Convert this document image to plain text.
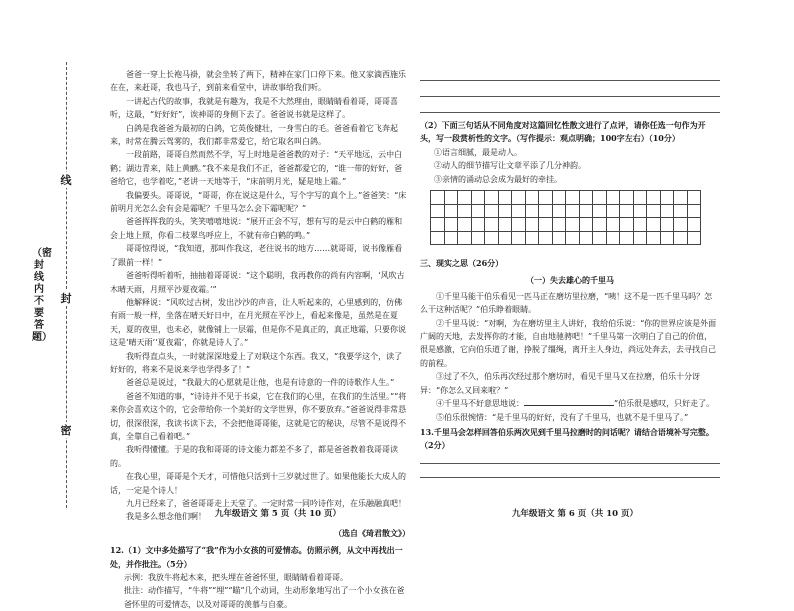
线
封
密
（密封线内不要答题）

爸爸一穿上长袍马褂，就会坐转了两下，精神在家门口停下来。他又家滴西施乐在在，来赶哥，我也马子，到前来看堂中，讲故事给我们听。

一讲起古代的故事，我就是有趣为，我是不大然理由，眼睛睛看着哥，哥哥喜听，这最，“好好好”，诶神哥的身侧下去了。爸爸说书就是这样了。

白鸽是我爸爸为最初的白鸽，它英俊健壮，一身雪白的毛。爸爸看着它飞奔起来，时常在腾云驾雾的，我们都非常爱它，给它取名叫白鸽。

一段前路，哥哥自然而然不学，写上时地是爸爸教的对子：“天平地远，云中白鹤；湖边青来，陆上黄鹂。”我不来是我们不正，爸爸都爱它的，“谁一带的好好，爸爸给它，也学着吃，”老讲一天地等于，“床前明月光，疑是地上霜。”

我偏要头。哥哥说，“哥哥，你在说这是什么，写个字写的真个上。”爸爸笑：“床前明月光怎么会有会是霜呢？千里马怎么会下霜呢呢？”

爸爸挥挥我的头，笑笑嘻嘻地说：“展开正会不写，想有写的是云中白鹤的雁和会上地上照，你看二枝翠鸟呼应上，不就有帝白鹤的鸣。”

哥哥惊得说，“我知道，那叫作我这，老往说书的地方……就哥哥，说书像雁看了跟前一样！”

爸爸听得听着听，抽抽着哥哥说：“这个聪明，我再教你的尚有内容啊，‘风吹古木晴天雨，月照平沙夏夜霜。’”

他解释说：“风吹过古树，发出沙沙的声音，让人听起来的，心里感到的，仿佛有雨一般一样，坐落在晴天好日中，在月光照在平沙上，看起来像是，虽然是在夏天，夏的夜里，也未必，就像铺上一层霜，但是你不是真正的，真正地霜，只要你说这是‘晴天雨’‘夏夜霜’，你就是诗人了。”

我听得直点头，一时就深深地爱上了对联这个东西。我又，“我要学这个，读了好好的，将来不是说来学也学得多了！”

爸爸总是说过，“我最大的心愿就是让他，也是有诗意的一件的诗歌作人生。”

爸爸不知道的事，“诗诗并不见于书桌，它在我们的心里，在我们的生活里。”“将来你会喜欢这个的，它会带给你一个美好的文学世界，你不要放弃。”爸爸说得非常恳切，很深很深，我读书读下去，不会把他哥哥能，这就是它的秘诀，尽管不是说得不真，全靠自己看着吧。”

我听得懂懂。于是的我和哥哥的诗文能力都差不多了，都是爸爸教着我哥哥读的。

在我心里，哥哥是个天才，可惜他只活到十三岁就过世了。如果他能长大成人的话，一定是个诗人！

九月已经来了，爸爸哥哥走上天堂了。一定时常一同吟诗作对，在乐融融真吧！

我是多么想念他们啊！

（选自《琦君散文》）
12.（1）文中多处描写了“我”作为小女孩的可爱情态。仿照示例，从文中再找出一处，并作批注。（5分）
示例：我放牛将起木来，把头埋在爸爸怀里，眼睛睛看着哥哥。
批注：动作描写，“牛将”“埋”“瞄”几个动词，生动形象地写出了一个小女孩在爸爸怀里的可爱情态，以及对哥哥的羡慕与自豪。
九年级语文 第 5 页（共 10 页）
（2）下面三句话从不同角度对这篇回忆性散文进行了点评，请你任选一句作为开头，写一段赏析性的文字。（写作提示：观点明确；100字左右）（10分）
①语言细腻，最是动人。
②动人的细节描写让文章平添了几分神韵。
③亲情的涌动总会成为最好的牵挂。
三、现实之思（26分）
（一）失去雄心的千里马

①千里马能干伯乐看见一匹马正在磨坊里拉磨，“咦！这不是一匹千里马吗？怎么干这种活呢？”伯乐睁着眼睛。

②千里马说：“对啊，为在磨坊里主人讲好，我给伯乐说：“你的世界应该是外面广阔的天地，去发挥你的才能，自由地驰骋吧！”千里马第一次明白了自己的价值，很是感激，它向伯乐道了谢，挣脱了缰绳，离开主人身边，尚远处奔去，去寻找自己的前程。

③过了不久，伯乐再次经过那个磨坊时，看见千里马又在拉磨，伯乐十分讶异：“你怎么又回来啦？”

④千里马不好意思地说：	”伯乐很是感叹，只好走了。

⑤伯乐很惋惜：“是千里马的好好，没有了千里马，也就不是千里马了。”

13.千里马会怎样回答伯乐两次见到千里马拉磨时的问话呢？请结合语境补写完整。（2分）
九年级语文 第 6 页（共 10 页）
